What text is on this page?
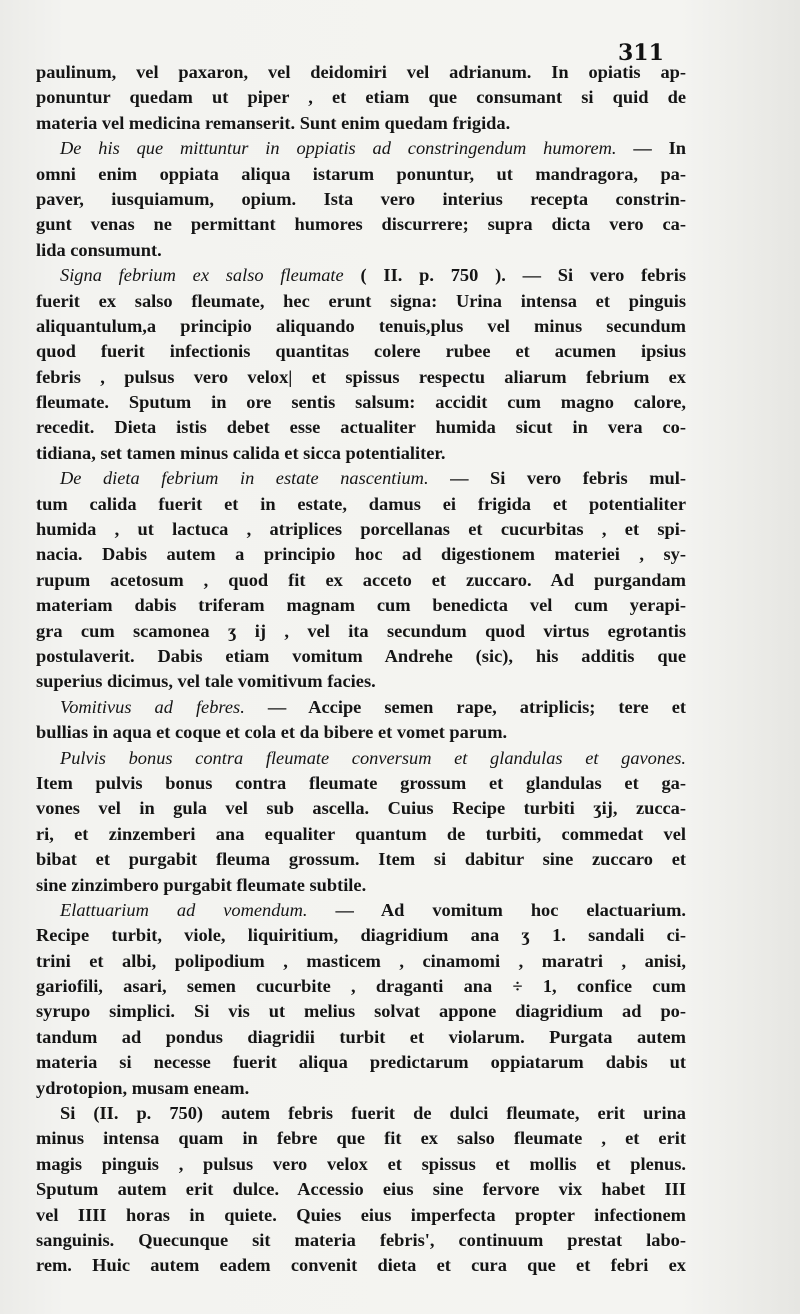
311
paulinum, vel paxaron, vel deidomiri vel adrianum. In opiatis ap-
ponuntur quedam ut piper , et etiam que consumant si quid de
materia vel medicina remanserit. Sunt enim quedam frigida.
De his que mittuntur in oppiatis ad constringendum humorem. — In
omni enim oppiata aliqua istarum ponuntur, ut mandragora, pa-
paver, iusquiamum, opium. Ista vero interius recepta constrin-
gunt venas ne permittant humores discurrere; supra dicta vero ca-
lida consumunt.
Signa febrium ex salso fleumate ( II. p. 750 ). — Si vero febris
fuerit ex salso fleumate, hec erunt signa: Urina intensa et pinguis
aliquantulum,a principio aliquando tenuis,plus vel minus secundum
quod fuerit infectionis quantitas colere rubee et acumen ipsius
febris , pulsus vero velox| et spissus respectu aliarum febrium ex
fleumate. Sputum in ore sentis salsum: accidit cum magno calore,
recedit. Dieta istis debet esse actualiter humida sicut in vera co-
tidiana, set tamen minus calida et sicca potentialiter.
De dieta febrium in estate nascentium. — Si vero febris mul-
tum calida fuerit et in estate, damus ei frigida et potentialiter
humida , ut lactuca , atriplices porcellanas et cucurbitas , et spi-
nacia. Dabis autem a principio hoc ad digestionem materiei , sy-
rupum acetosum , quod fit ex acceto et zuccaro. Ad purgandam
materiam dabis triferam magnam cum benedicta vel cum yerapi-
gra cum scamonea ʒ ij , vel ita secundum quod virtus egrotantis
postulaverit. Dabis etiam vomitum Andrehe (sic), his additis que
superius dicimus, vel tale vomitivum facies.
Vomitivus ad febres. — Accipe semen rape, atriplicis; tere et
bullias in aqua et coque et cola et da bibere et vomet parum.
Pulvis bonus contra fleumate conversum et glandulas et gavones.
Item pulvis bonus contra fleumate grossum et glandulas et ga-
vones vel in gula vel sub ascella. Cuius Recipe turbiti ʒij, zucca-
ri, et zinzemberi ana equaliter quantum de turbiti, commedat vel
bibat et purgabit fleuma grossum. Item si dabitur sine zuccaro et
sine zinzimbero purgabit fleumate subtile.
Elattuarium ad vomendum. — Ad vomitum hoc elactuarium.
Recipe turbit, viole, liquiritium, diagridium ana ʒ 1. sandali ci-
trini et albi, polipodium , masticem , cinamomi , maratri , anisi,
gariofili, asari, semen cucurbite , draganti ana ÷ 1, confice cum
syrupo simplici. Si vis ut melius solvat appone diagridium ad po-
tandum ad pondus diagridii turbit et violarum. Purgata autem
materia si necesse fuerit aliqua predictarum oppiatarum dabis ut
ydrotopion, musam eneam.
Si (II. p. 750) autem febris fuerit de dulci fleumate, erit urina
minus intensa quam in febre que fit ex salso fleumate , et erit
magis pinguis , pulsus vero velox et spissus et mollis et plenus.
Sputum autem erit dulce. Accessio eius sine fervore vix habet III
vel IIII horas in quiete. Quies eius imperfecta propter infectionem
sanguinis. Quecunque sit materia febris', continuum prestat labo-
rem. Huic autem eadem convenit dieta et cura que et febri ex
